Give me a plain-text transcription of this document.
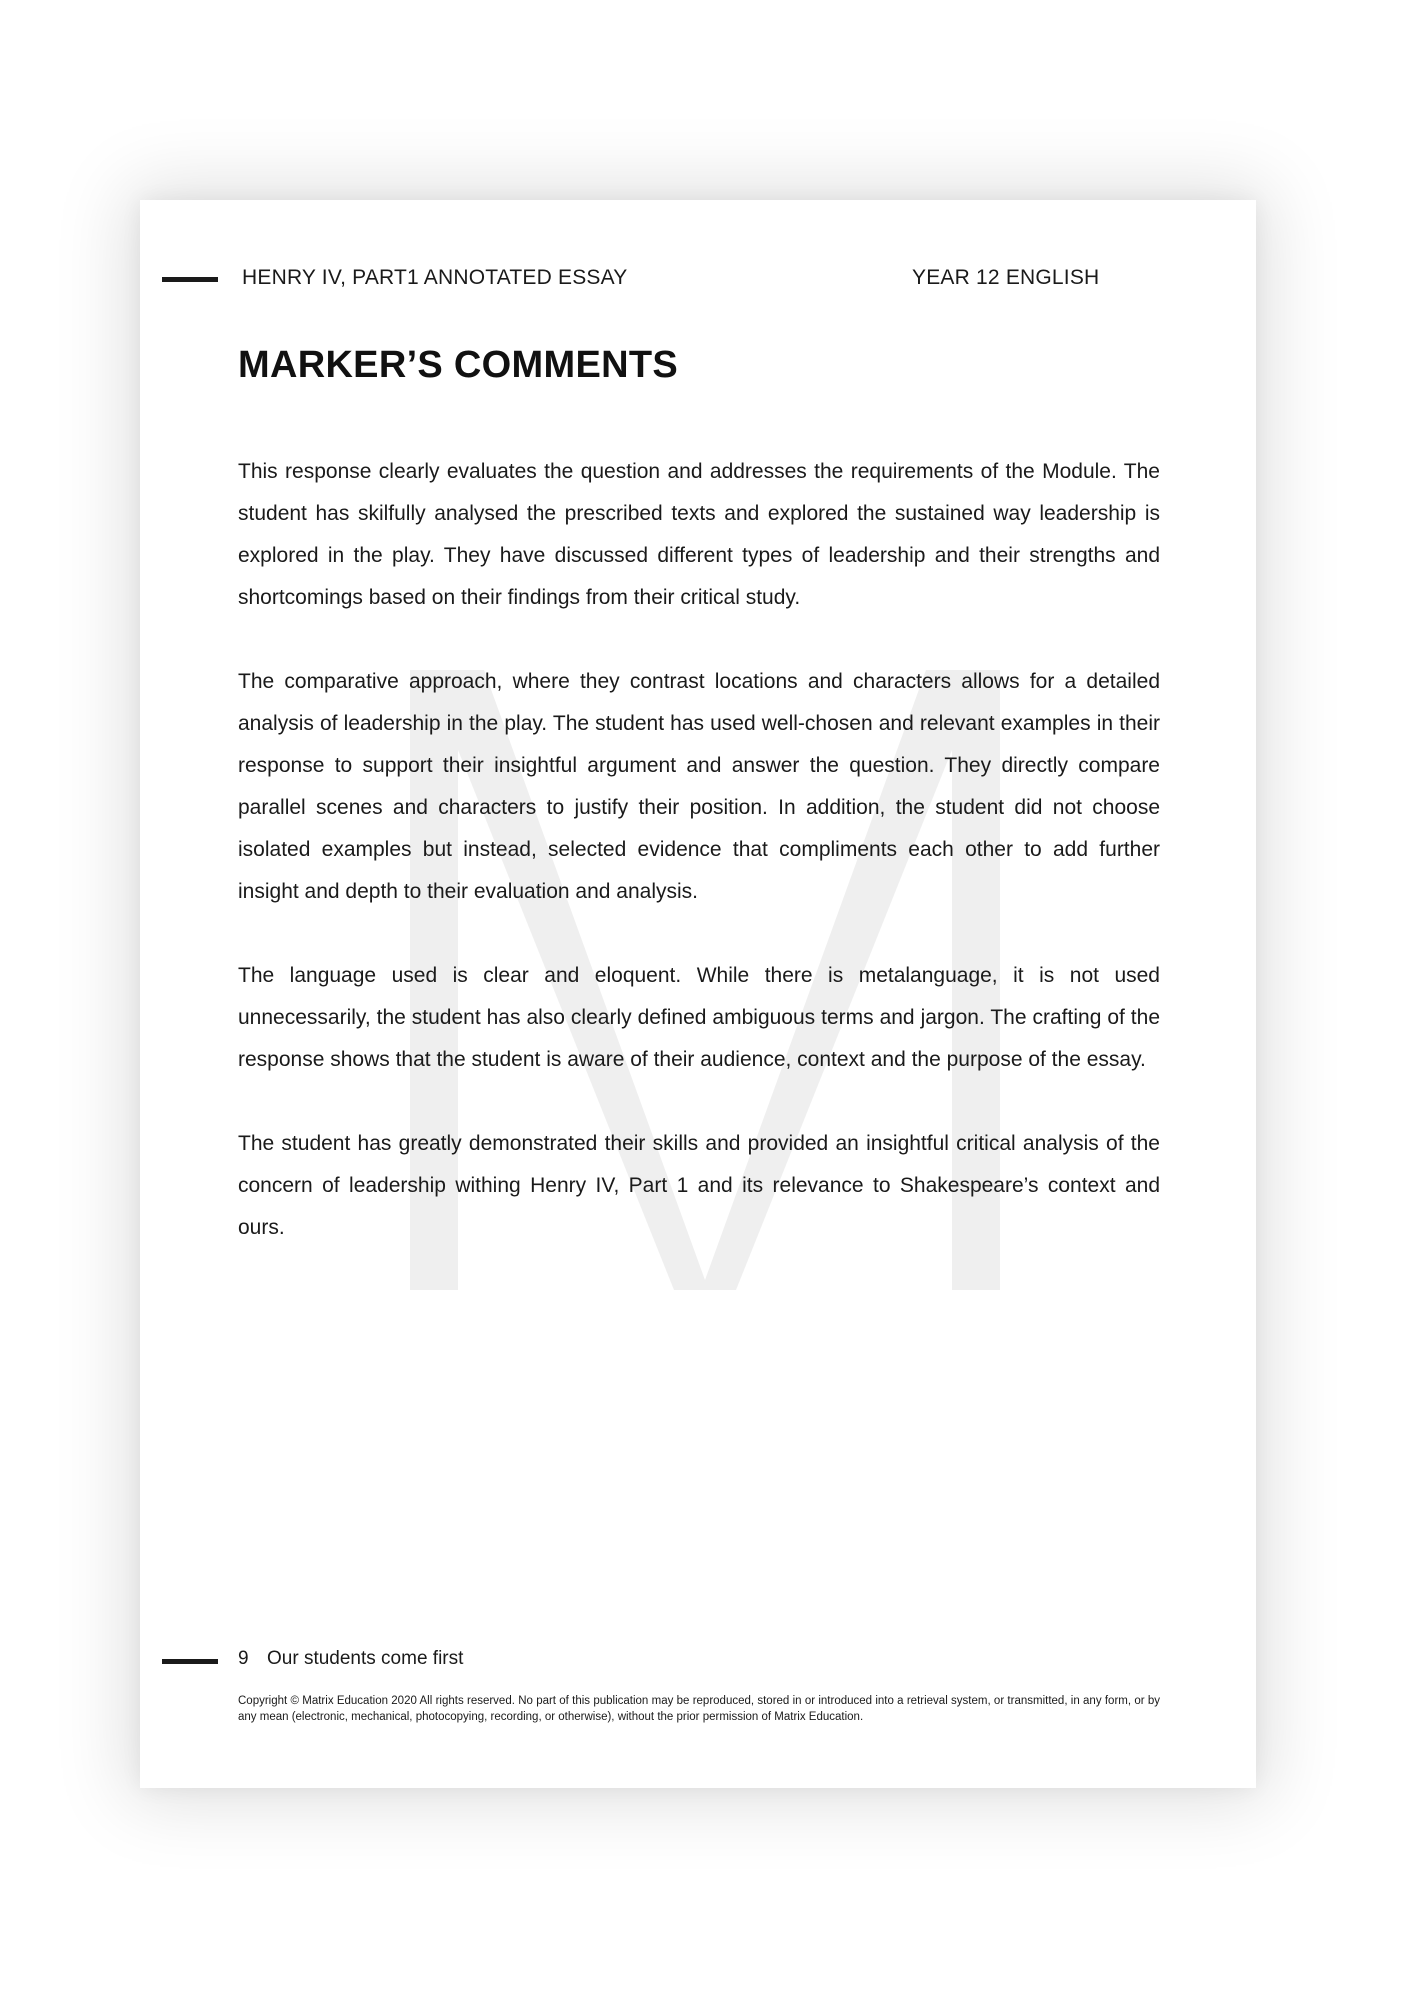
HENRY IV, PART1 ANNOTATED ESSAY	YEAR 12 ENGLISH
MARKER’S COMMENTS

This response clearly evaluates the question and addresses the requirements of the Module. The student has skilfully analysed the prescribed texts and explored the sustained way leadership is explored in the play. They have discussed different types of leadership and their strengths and shortcomings based on their findings from their critical study.

The comparative approach, where they contrast locations and characters allows for a detailed analysis of leadership in the play. The student has used well-chosen and relevant examples in their response to support their insightful argument and answer the question. They directly compare parallel scenes and characters to justify their position. In addition, the student did not choose isolated examples but instead, selected evidence that compliments each other to add further insight and depth to their evaluation and analysis.

The language used is clear and eloquent. While there is metalanguage, it is not used unnecessarily, the student has also clearly defined ambiguous terms and jargon. The crafting of the response shows that the student is aware of their audience, context and the purpose of the essay.

The student has greatly demonstrated their skills and provided an insightful critical analysis of the concern of leadership withing Henry IV, Part 1 and its relevance to Shakespeare’s context and ours.

9 Our students come first
Copyright © Matrix Education 2020 All rights reserved. No part of this publication may be reproduced, stored in or introduced into a retrieval system, or transmitted, in any form, or by any mean (electronic, mechanical, photocopying, recording, or otherwise), without the prior permission of Matrix Education.
